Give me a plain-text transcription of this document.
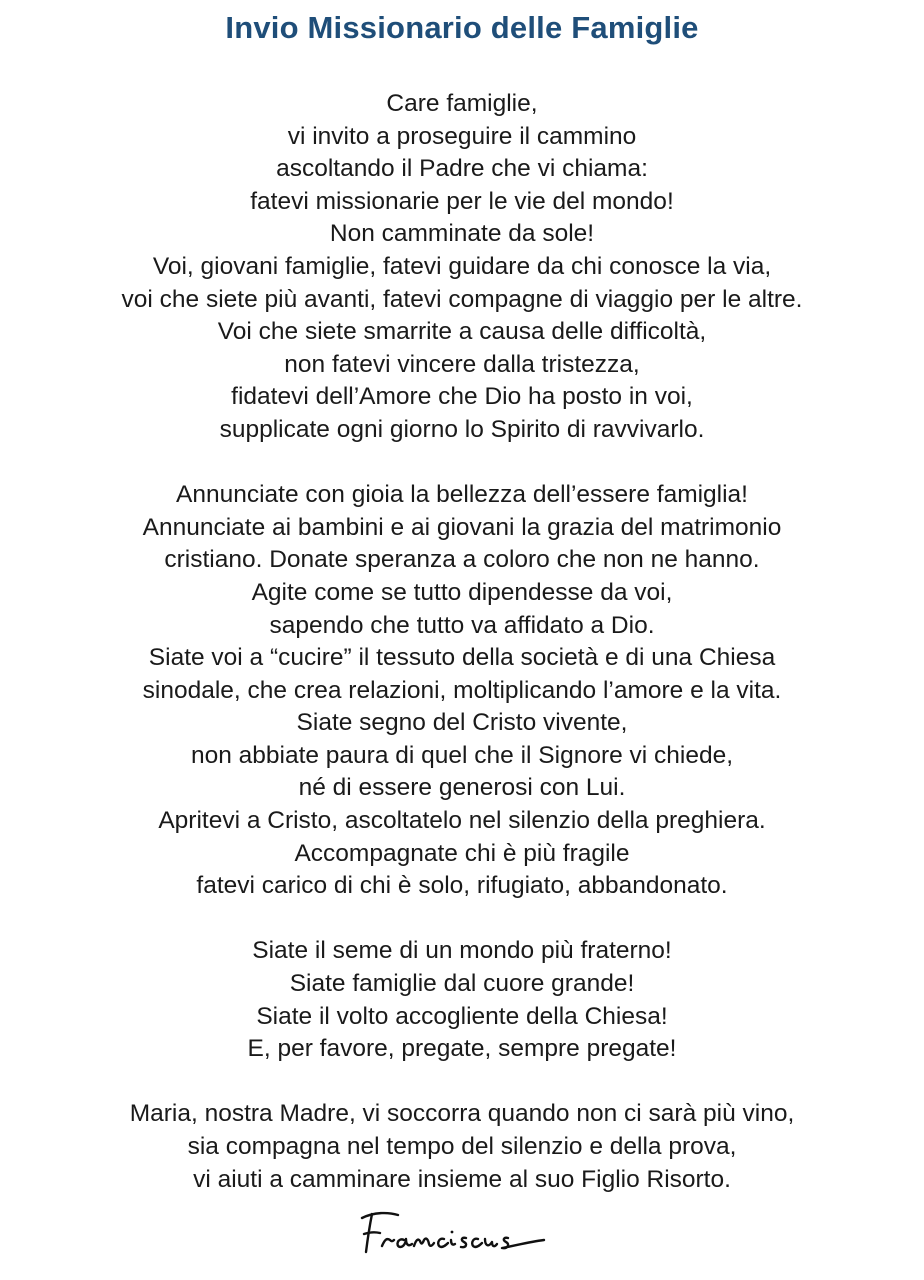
Invio Missionario delle Famiglie
Care famiglie,
vi invito a proseguire il cammino
ascoltando il Padre che vi chiama:
fatevi missionarie per le vie del mondo!
Non camminate da sole!
Voi, giovani famiglie, fatevi guidare da chi conosce la via,
voi che siete più avanti, fatevi compagne di viaggio per le altre.
Voi che siete smarrite a causa delle difficoltà,
non fatevi vincere dalla tristezza,
fidatevi dell’Amore che Dio ha posto in voi,
supplicate ogni giorno lo Spirito di ravvivarlo.
Annunciate con gioia la bellezza dell’essere famiglia!
Annunciate ai bambini e ai giovani la grazia del matrimonio
cristiano. Donate speranza a coloro che non ne hanno.
Agite come se tutto dipendesse da voi,
sapendo che tutto va affidato a Dio.
Siate voi a “cucire” il tessuto della società e di una Chiesa
sinodale, che crea relazioni, moltiplicando l’amore e la vita.
Siate segno del Cristo vivente,
non abbiate paura di quel che il Signore vi chiede,
né di essere generosi con Lui.
Apritevi a Cristo, ascoltatelo nel silenzio della preghiera.
Accompagnate chi è più fragile
fatevi carico di chi è solo, rifugiato, abbandonato.
Siate il seme di un mondo più fraterno!
Siate famiglie dal cuore grande!
Siate il volto accogliente della Chiesa!
E, per favore, pregate, sempre pregate!
Maria, nostra Madre, vi soccorra quando non ci sarà più vino,
sia compagna nel tempo del silenzio e della prova,
vi aiuti a camminare insieme al suo Figlio Risorto.
